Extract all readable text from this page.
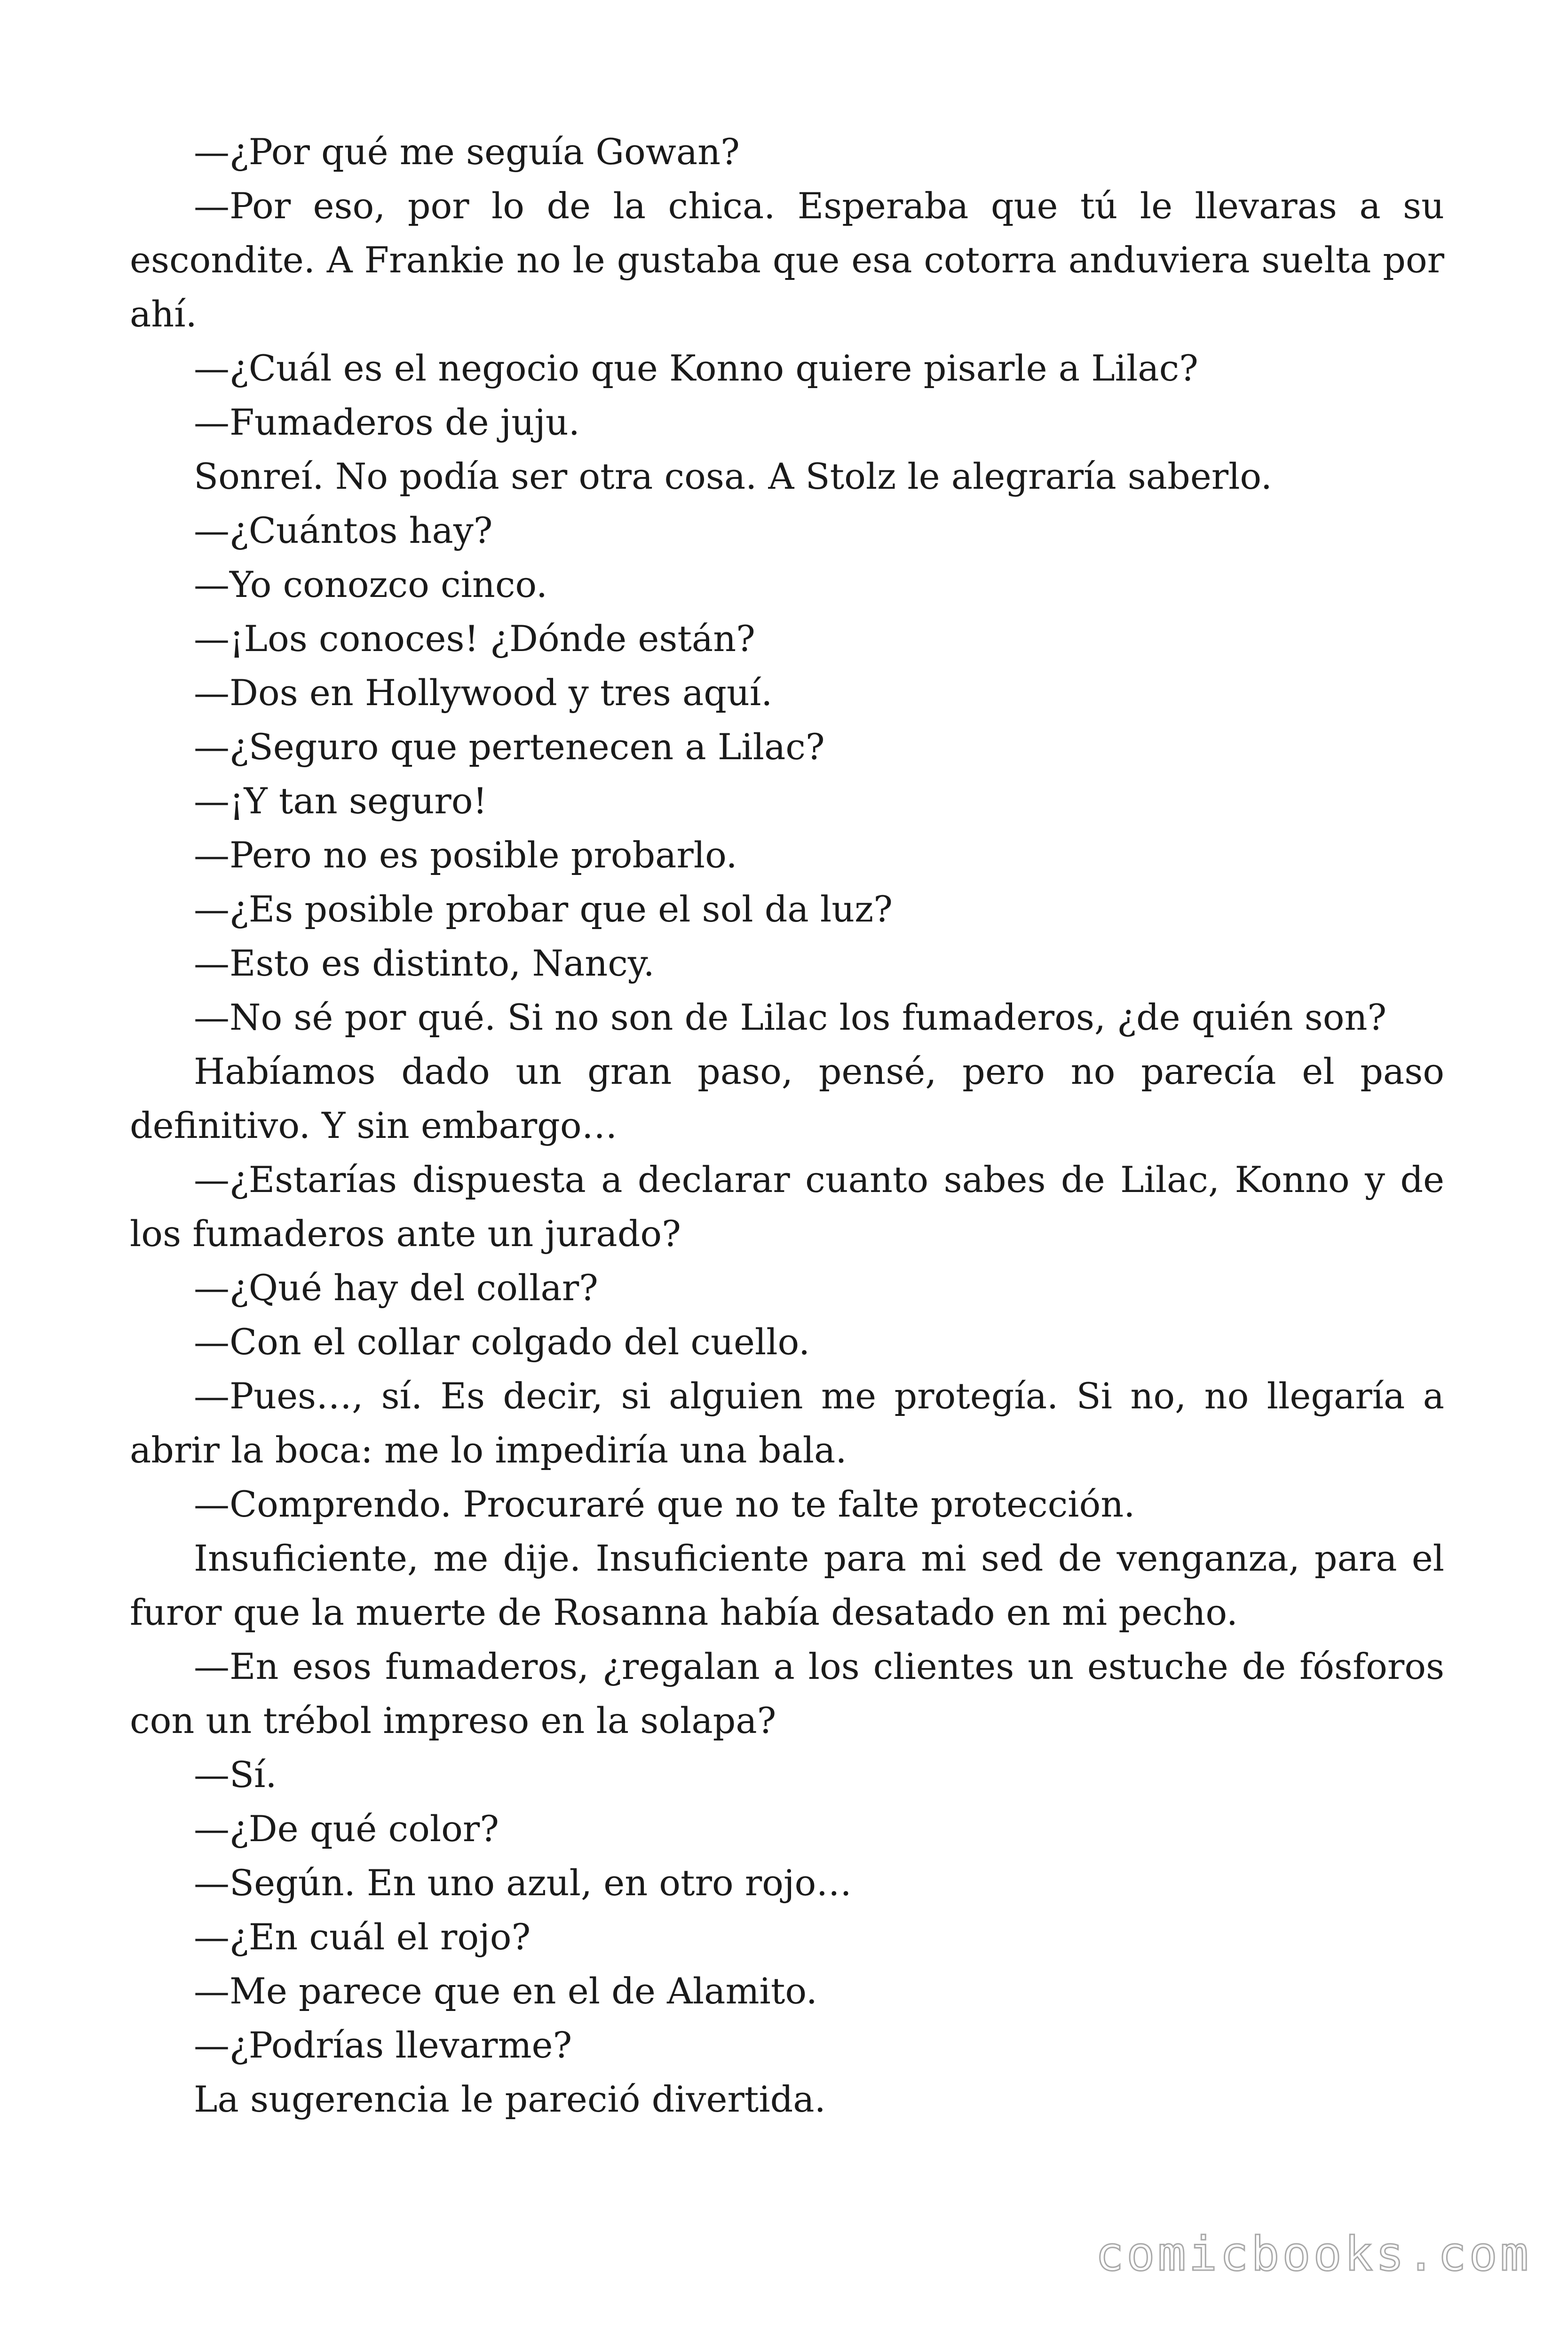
—¿Por qué me seguía Gowan?

—Por eso, por lo de la chica. Esperaba que tú le llevaras a su escondite. A Frankie no le gustaba que esa cotorra anduviera suelta por ahí.

—¿Cuál es el negocio que Konno quiere pisarle a Lilac?

—Fumaderos de juju.

Sonreí. No podía ser otra cosa. A Stolz le alegraría saberlo.

—¿Cuántos hay?

—Yo conozco cinco.

—¡Los conoces! ¿Dónde están?

—Dos en Hollywood y tres aquí.

—¿Seguro que pertenecen a Lilac?

—¡Y tan seguro!

—Pero no es posible probarlo.

—¿Es posible probar que el sol da luz?

—Esto es distinto, Nancy.

—No sé por qué. Si no son de Lilac los fumaderos, ¿de quién son?

Habíamos dado un gran paso, pensé, pero no parecía el paso definitivo. Y sin embargo…

—¿Estarías dispuesta a declarar cuanto sabes de Lilac, Konno y de los fumaderos ante un jurado?

—¿Qué hay del collar?

—Con el collar colgado del cuello.

—Pues…, sí. Es decir, si alguien me protegía. Si no, no llegaría a abrir la boca: me lo impediría una bala.

—Comprendo. Procuraré que no te falte protección.

Insuficiente, me dije. Insuficiente para mi sed de venganza, para el furor que la muerte de Rosanna había desatado en mi pecho.

—En esos fumaderos, ¿regalan a los clientes un estuche de fósforos con un trébol impreso en la solapa?

—Sí.

—¿De qué color?

—Según. En uno azul, en otro rojo…

—¿En cuál el rojo?

—Me parece que en el de Alamito.

—¿Podrías llevarme?

La sugerencia le pareció divertida.

comicbooks.com
